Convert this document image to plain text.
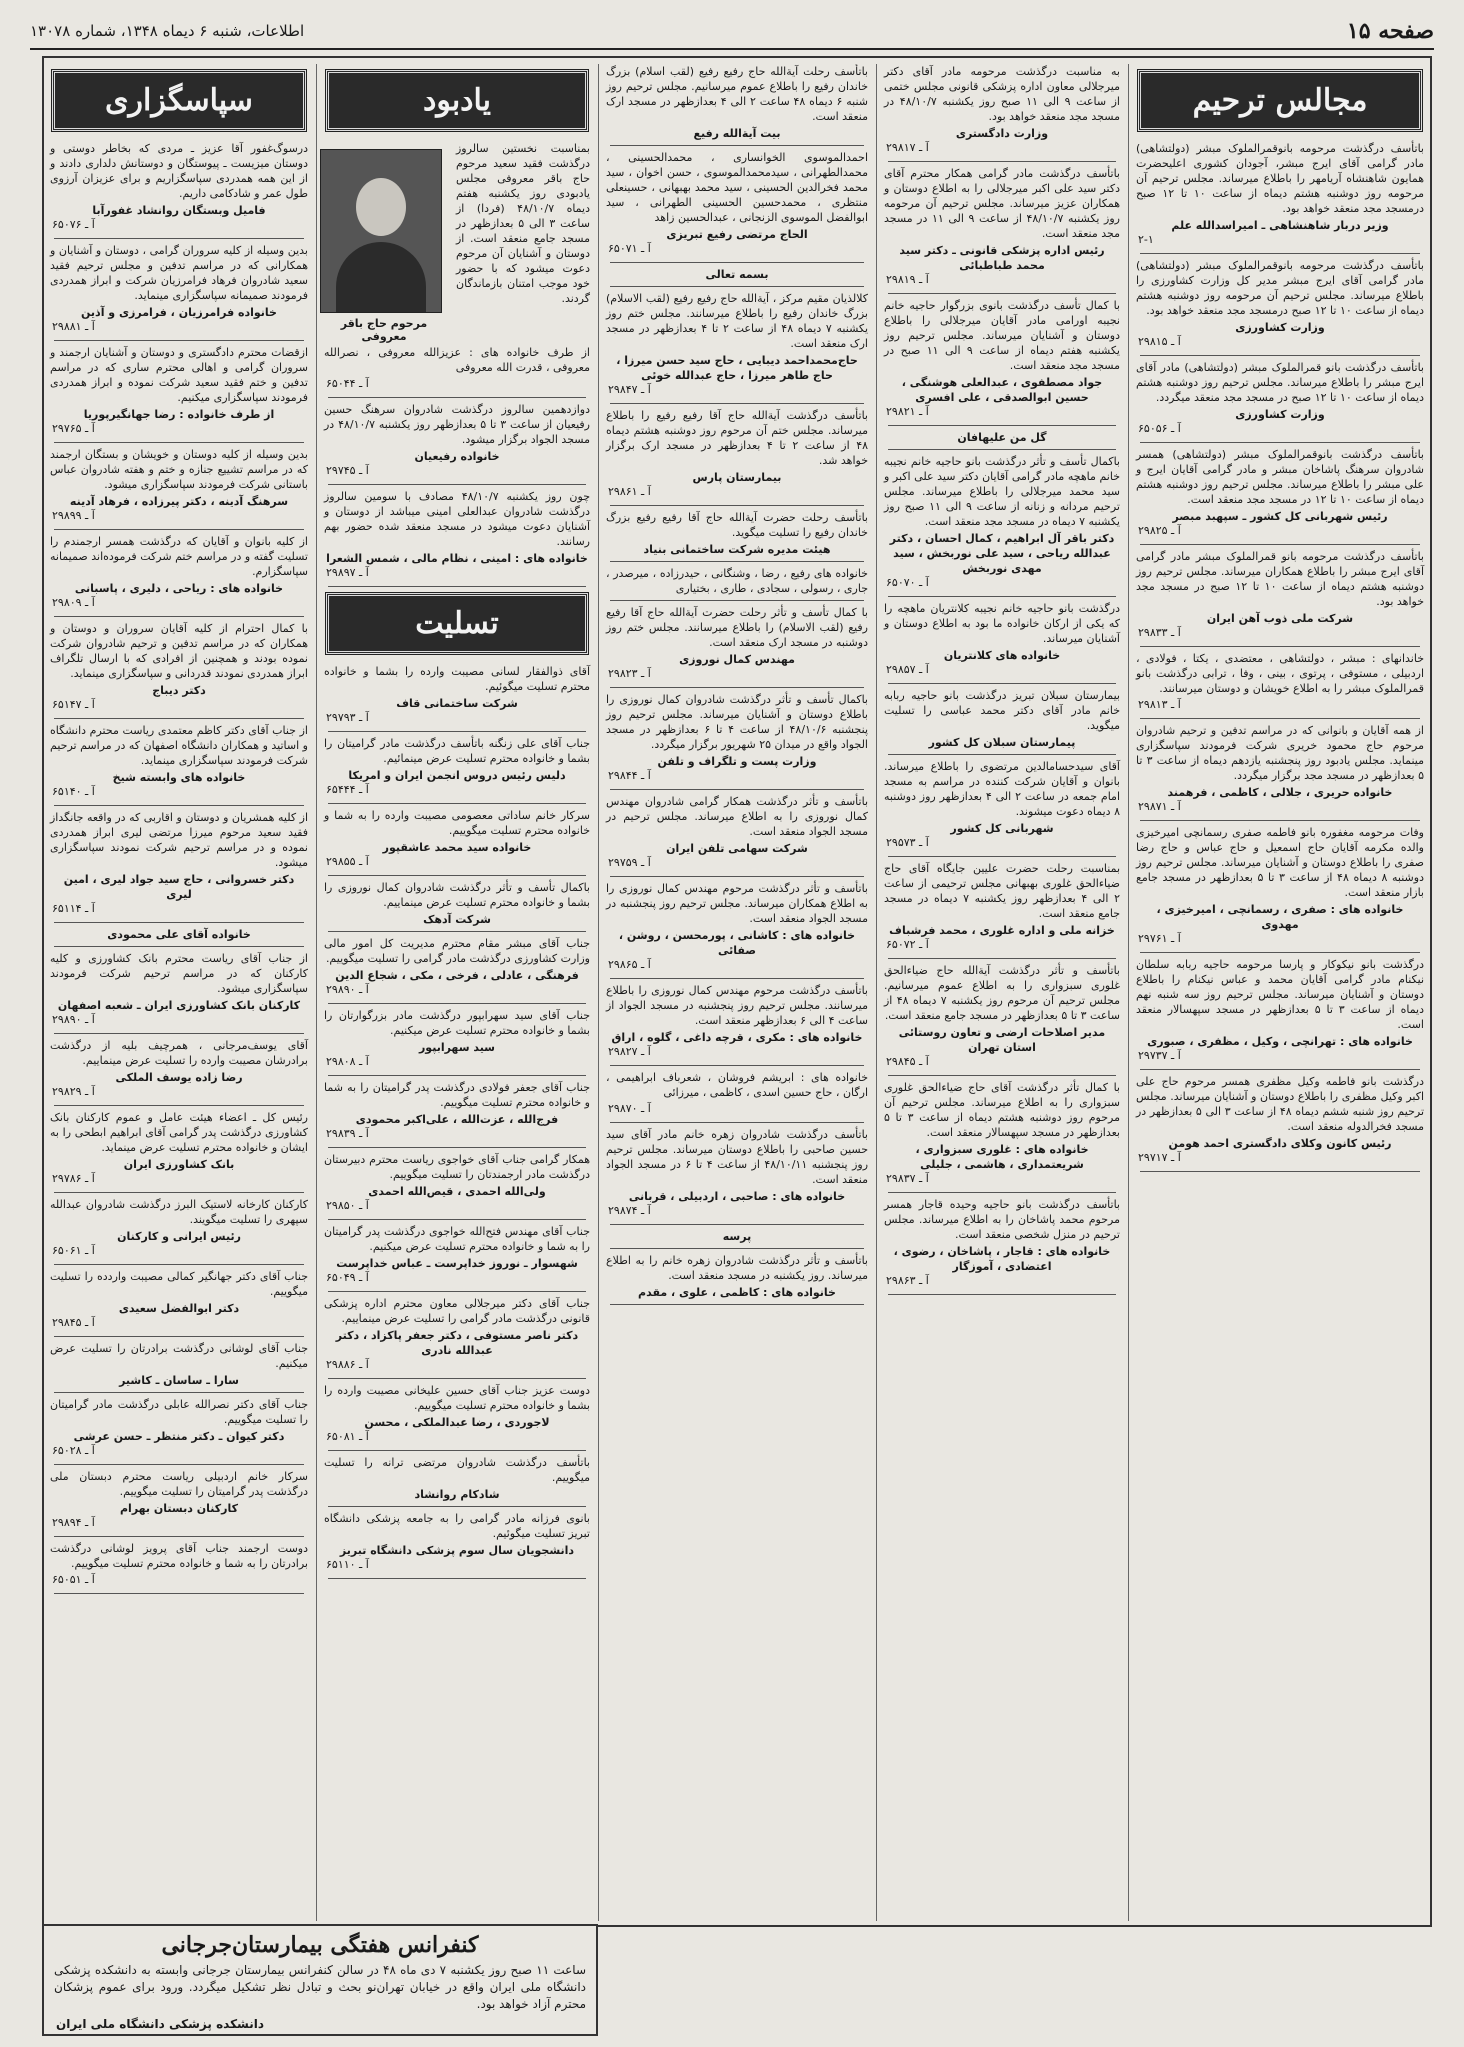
صفحه ۱۵
اطلاعات، شنبه ۶ دیماه ۱۳۴۸، شماره ۱۳۰۷۸
مجالس ترحیم
باتأسف درگذشت مرحومه بانوقمرالملوک مبشر (دولتشاهی) مادر گرامی آقای ایرج مبشر، آجودان کشوری اعلیحضرت همایون شاهنشاه آریامهر را باطلاع میرساند. مجلس ترحیم آن مرحومه روز دوشنبه هشتم دیماه از ساعت ۱۰ تا ۱۲ صبح درمسجد مجد منعقد خواهد بود.
وزیر دربار شاهنشاهی ـ امیراسدالله علم
۲-۱
باتأسف درگذشت مرحومه بانوقمرالملوک مبشر (دولتشاهی) مادر گرامی آقای ایرج مبشر مدیر کل وزارت کشاورزی را باطلاع میرساند. مجلس ترحیم آن مرحومه روز دوشنبه هشتم دیماه از ساعت ۱۰ تا ۱۲ صبح درمسجد مجد منعقد خواهد بود.
وزارت کشاورزی
آ ـ ۲۹۸۱۵
باتأسف درگذشت بانو قمرالملوک مبشر (دولتشاهی) مادر آقای ایرج مبشر را باطلاع میرساند. مجلس ترحیم روز دوشنبه هشتم دیماه از ساعت ۱۰ تا ۱۲ صبح در مسجد مجد منعقد میگردد.
وزارت کشاورزی
آ ـ ۶۵۰۵۶
باتأسف درگذشت بانوقمرالملوک مبشر (دولتشاهی) همسر شادروان سرهنگ پاشاخان مبشر و مادر گرامی آقایان ایرج و علی مبشر را باطلاع میرساند. مجلس ترحیم روز دوشنبه هشتم دیماه از ساعت ۱۰ تا ۱۲ در مسجد مجد منعقد است.
رئیس شهربانی کل کشور ـ سپهبد مبصر
آ ـ ۲۹۸۲۵
باتأسف درگذشت مرحومه بانو قمرالملوک مبشر مادر گرامی آقای ایرج مبشر را باطلاع همکاران میرساند. مجلس ترحیم روز دوشنبه هشتم دیماه از ساعت ۱۰ تا ۱۲ صبح در مسجد مجد خواهد بود.
شرکت ملی ذوب آهن ایران
آ ـ ۲۹۸۳۳
خاندانهای : مبشر ، دولتشاهی ، معتضدی ، یکتا ، فولادی ، اردبیلی ، مستوفی ، پرتوی ، بینی ، وفا ، ترابی درگذشت بانو قمرالملوک مبشر را به اطلاع خویشان و دوستان میرسانند.
آ ـ ۲۹۸۱۳
از همه آقایان و بانوانی که در مراسم تدفین و ترحیم شادروان مرحوم حاج محمود خریری شرکت فرمودند سپاسگزاری مینماید. مجلس یادبود روز پنجشنبه یازدهم دیماه از ساعت ۳ تا ۵ بعدازظهر در مسجد مجد برگزار میگردد.
خانواده حریری ، جلالی ، کاظمی ، فرهمند
آ ـ ۲۹۸۷۱
وفات مرحومه مغفوره بانو فاطمه صفری رسمانچی امیرخیزی والده مکرمه آقایان حاج اسمعیل و حاج عباس و حاج رضا صفری را باطلاع دوستان و آشنایان میرساند. مجلس ترحیم روز دوشنبه ۸ دیماه ۴۸ از ساعت ۳ تا ۵ بعدازظهر در مسجد جامع بازار منعقد است.
خانواده های : صفری ، رسمانچی ، امیرخیزی ، مهدوی
آ ـ ۲۹۷۶۱
درگذشت بانو نیکوکار و پارسا مرحومه حاجیه ربابه سلطان نیکنام مادر گرامی آقایان محمد و عباس نیکنام را باطلاع دوستان و آشنایان میرساند. مجلس ترحیم روز سه شنبه نهم دیماه از ساعت ۳ تا ۵ بعدازظهر در مسجد سپهسالار منعقد است.
خانواده های : تهرانچی ، وکیل ، مظفری ، صبوری
آ ـ ۲۹۷۳۷
درگذشت بانو فاطمه وکیل مظفری همسر مرحوم حاج علی اکبر وکیل مظفری را باطلاع دوستان و آشنایان میرساند. مجلس ترحیم روز شنبه ششم دیماه ۴۸ از ساعت ۳ الی ۵ بعدازظهر در مسجد فخرالدوله منعقد است.
رئیس کانون وکلای دادگستری احمد هومن
آ ـ ۲۹۷۱۷
به مناسبت درگذشت مرحومه مادر آقای دکتر میرجلالی معاون اداره پزشکی قانونی مجلس ختمی از ساعت ۹ الی ۱۱ صبح روز یکشنبه ۴۸/۱۰/۷ در مسجد مجد منعقد خواهد بود.
وزارت دادگستری
آ ـ ۲۹۸۱۷
باتأسف درگذشت مادر گرامی همکار محترم آقای دکتر سید علی اکبر میرجلالی را به اطلاع دوستان و همکاران عزیز میرساند. مجلس ترحیم آن مرحومه روز یکشنبه ۴۸/۱۰/۷ از ساعت ۹ الی ۱۱ در مسجد مجد منعقد است.
رئیس اداره پزشکی قانونی ـ دکتر سید محمد طباطبائی
آ ـ ۲۹۸۱۹
با کمال تأسف درگذشت بانوی بزرگوار حاجیه خانم نجیبه اورامی مادر آقایان میرجلالی را باطلاع دوستان و آشنایان میرساند. مجلس ترحیم روز یکشنبه هفتم دیماه از ساعت ۹ الی ۱۱ صبح در مسجد مجد منعقد است.
جواد مصطفوی ، عبدالعلی هوشنگی ، حسین ابوالصدقی ، علی افسری
آ ـ ۲۹۸۲۱
گل من علیهافان
باکمال تأسف و تأثر درگذشت بانو حاجیه خانم نجیبه خانم ماهچه مادر گرامی آقایان دکتر سید علی اکبر و سید محمد میرجلالی را باطلاع میرساند. مجلس ترحیم مردانه و زنانه از ساعت ۹ الی ۱۱ صبح روز یکشنبه ۷ دیماه در مسجد مجد منعقد است.
دکتر باقر آل ابراهیم ، کمال احسان ، دکتر عبدالله ریاحی ، سید علی نوربخش ، سید مهدی نوربخش
آ ـ ۶۵۰۷۰
درگذشت بانو حاجیه خانم نجیبه کلانتریان ماهچه را که یکی از ارکان خانواده ما بود به اطلاع دوستان و آشنایان میرساند.
خانواده های کلانتریان
آ ـ ۲۹۸۵۷
بیمارستان سبلان تبریز درگذشت بانو حاجیه ربابه خانم مادر آقای دکتر محمد عباسی را تسلیت میگوید.
پیمارستان سبلان کل کشور
آقای سیدحسامالدین مرتضوی را باطلاع میرساند. بانوان و آقایان شرکت کننده در مراسم به مسجد امام جمعه در ساعت ۲ الی ۴ بعدازظهر روز دوشنبه ۸ دیماه دعوت میشوند.
شهربانی کل کشور
آ ـ ۲۹۵۷۳
بمناسبت رحلت حضرت علیین جایگاه آقای حاج ضیاءالحق غلوری بهبهانی مجلس ترحیمی از ساعت ۲ الی ۴ بعدازظهر روز یکشنبه ۷ دیماه در مسجد جامع منعقد است.
خزانه ملی و اداره غلوری ، محمد فرشباف
آ ـ ۶۵۰۷۲
باتأسف و تأثر درگذشت آیةالله حاج ضیاءالحق غلوری سبزواری را به اطلاع عموم میرسانیم. مجلس ترحیم آن مرحوم روز یکشنبه ۷ دیماه ۴۸ از ساعت ۳ تا ۵ بعدازظهر در مسجد جامع منعقد است.
مدیر اصلاحات ارضی و تعاون روستائی استان تهران
آ ـ ۲۹۸۴۵
با کمال تأثر درگذشت آقای حاج ضیاءالحق غلوری سبزواری را به اطلاع میرساند. مجلس ترحیم آن مرحوم روز دوشنبه هشتم دیماه از ساعت ۳ تا ۵ بعدازظهر در مسجد سپهسالار منعقد است.
خانواده های : غلوری سبزواری ، شریعتمداری ، هاشمی ، جلیلی
آ ـ ۲۹۸۳۷
باتأسف درگذشت بانو حاجیه وحیده قاجار همسر مرحوم محمد پاشاخان را به اطلاع میرساند. مجلس ترحیم در منزل شخصی منعقد است.
خانواده های : قاجار ، پاشاخان ، رضوی ، اعتضادی ، آموزگار
آ ـ ۲۹۸۶۳
باتأسف رحلت آیةالله حاج رفیع رفیع (لقب اسلام) بزرگ خاندان رفیع را باطلاع عموم میرسانیم. مجلس ترحیم روز شنبه ۶ دیماه ۴۸ ساعت ۲ الی ۴ بعدازظهر در مسجد ارک منعقد است.
بیت آیةالله رفیع
احمدالموسوی الخوانساری ، محمدالحسینی ، محمدالطهرانی ، سیدمحمدالموسوی ، حسن اخوان ، سید محمد فخرالدین الحسینی ، سید محمد بهبهانی ، حسینعلی منتظری ، محمدحسین الحسینی الطهرانی ، سید ابوالفضل الموسوی الزنجانی ، عبدالحسین زاهد
الحاج مرتضی رفیع تبریزی
آ ـ ۶۵۰۷۱
بسمه تعالی
کلالذیان مقیم مرکز ، آیةالله حاج رفیع رفیع (لقب الاسلام) بزرگ خاندان رفیع را باطلاع میرسانند. مجلس ختم روز یکشنبه ۷ دیماه ۴۸ از ساعت ۲ تا ۴ بعدازظهر در مسجد ارک منعقد است.
حاج‌محمداحمد دیبایی ، حاج سید حسن میرزا ، حاج طاهر میرزا ، حاج عبدالله خوئی
آ ـ ۲۹۸۴۷
باتأسف درگذشت آیةالله حاج آقا رفیع رفیع را باطلاع میرساند. مجلس ختم آن مرحوم روز دوشنبه هشتم دیماه ۴۸ از ساعت ۲ تا ۴ بعدازظهر در مسجد ارک برگزار خواهد شد.
بیمارستان پارس
آ ـ ۲۹۸۶۱
باتأسف رحلت حضرت آیةالله حاج آقا رفیع رفیع بزرگ خاندان رفیع را تسلیت میگوید.
هیئت مدیره شرکت ساختمانی بنیاد
خانواده های رفیع ، رضا ، وشنگانی ، حیدرزاده ، میرصدر ، جاری ، رسولی ، سجادی ، طاری ، بختیاری
با کمال تأسف و تأثر رحلت حضرت آیةالله حاج آقا رفیع رفیع (لقب الاسلام) را باطلاع میرسانند. مجلس ختم روز دوشنبه در مسجد ارک منعقد است.
مهندس کمال نوروزی
آ ـ ۲۹۸۲۳
باکمال تأسف و تأثر درگذشت شادروان کمال نوروزی را باطلاع دوستان و آشنایان میرساند. مجلس ترحیم روز پنجشنبه ۴۸/۱۰/۶ از ساعت ۴ تا ۶ بعدازظهر در مسجد الجواد واقع در میدان ۲۵ شهریور برگزار میگردد.
وزارت پست و تلگراف و تلفن
آ ـ ۲۹۸۴۴
باتأسف و تأثر درگذشت همکار گرامی شادروان مهندس کمال نوروزی را به اطلاع میرساند. مجلس ترحیم در مسجد الجواد منعقد است.
شرکت سهامی تلفن ایران
آ ـ ۲۹۷۵۹
باتأسف و تأثر درگذشت مرحوم مهندس کمال نوروزی را به اطلاع همکاران میرساند. مجلس ترحیم روز پنجشنبه در مسجد الجواد منعقد است.
خانواده های : کاشانی ، پورمحسن ، روشن ، صفائی
آ ـ ۲۹۸۶۵
باتأسف درگذشت مرحوم مهندس کمال نوروزی را باطلاع میرسانند. مجلس ترحیم روز پنجشنبه در مسجد الجواد از ساعت ۴ الی ۶ بعدازظهر منعقد است.
خانواده های : مکری ، قرچه داغی ، گلوه ، اراق
آ ـ ۲۹۸۲۷
خانواده های : ابریشم فروشان ، شعرباف ابراهیمی ، ارگان ، حاج حسین اسدی ، کاظمی ، میرزائی
آ ـ ۲۹۸۷۰
باتأسف درگذشت شادروان زهره خانم مادر آقای سید حسین صاحبی را باطلاع دوستان میرساند. مجلس ترحیم روز پنجشنبه ۴۸/۱۰/۱۱ از ساعت ۴ تا ۶ در مسجد الجواد منعقد است.
خانواده های : صاحبی ، اردبیلی ، قربانی
آ ـ ۲۹۸۷۴
پرسه
باتأسف و تأثر درگذشت شادروان زهره خانم را به اطلاع میرساند. روز یکشنبه در مسجد منعقد است.
خانواده های : کاظمی ، علوی ، مقدم
یادبود
بمناسبت نخستین سالروز درگذشت فقید سعید مرحوم حاج باقر معروفی مجلس یادبودی روز یکشنبه هفتم دیماه ۴۸/۱۰/۷ (فردا) از ساعت ۳ الی ۵ بعدازظهر در مسجد جامع منعقد است. از دوستان و آشنایان آن مرحوم دعوت میشود که با حضور خود موجب امتنان بازماندگان گردند.
مرحوم حاج باقر معروفی
از طرف خانواده های : عزیزالله معروفی ، نصرالله معروفی ، قدرت الله معروفی
آ ـ ۶۵۰۴۴
دوازدهمین سالروز درگذشت شادروان سرهنگ حسین رفیعیان از ساعت ۳ تا ۵ بعدازظهر روز یکشنبه ۴۸/۱۰/۷ در مسجد الجواد برگزار میشود.
خانواده رفیعیان
آ ـ ۲۹۷۴۵
چون روز یکشنبه ۴۸/۱۰/۷ مصادف با سومین سالروز درگذشت شادروان عبدالعلی امینی میباشد از دوستان و آشنایان دعوت میشود در مسجد منعقد شده حضور بهم رسانند.
خانواده های : امینی ، نظام مالی ، شمس الشعرا
آ ـ ۲۹۸۹۷
تسلیت
آقای ذوالفقار لسانی مصیبت وارده را بشما و خانواده محترم تسلیت میگوئیم.
شرکت ساختمانی قاف
آ ـ ۲۹۷۹۳
جناب آقای علی زنگنه باتأسف درگذشت مادر گرامیتان را بشما و خانواده محترم تسلیت عرض مینمائیم.
دلیس رئیس دروس انجمن ایران و امریکا
آ ـ ۶۵۴۴۴
سرکار خانم ساداتی معصومی مصیبت وارده را به شما و خانواده محترم تسلیت میگوییم.
خانواده سید محمد عاشقپور
آ ـ ۲۹۸۵۵
باکمال تأسف و تأثر درگذشت شادروان کمال نوروزی را بشما و خانواده محترم تسلیت عرض مینماییم.
شرکت آدهک
جناب آقای مبشر مقام محترم مدیریت کل امور مالی وزارت کشاورزی درگذشت مادر گرامی را تسلیت میگوییم.
فرهنگی ، عادلی ، فرخی ، مکی ، شجاع الدین
آ ـ ۲۹۸۹۰
جناب آقای سید سهرابپور درگذشت مادر بزرگوارتان را بشما و خانواده محترم تسلیت عرض میکنیم.
سید سهرابپور
آ ـ ۲۹۸۰۸
جناب آقای جعفر فولادی درگذشت پدر گرامیتان را به شما و خانواده محترم تسلیت میگوییم.
فرج‌الله ، عزت‌الله ، علی‌اکبر محمودی
آ ـ ۲۹۸۳۹
همکار گرامی جناب آقای خواجوی ریاست محترم دبیرستان درگذشت مادر ارجمندتان را تسلیت میگوییم.
ولی‌الله احمدی ، قیص‌الله احمدی
آ ـ ۲۹۸۵۰
جناب آقای مهندس فتح‌الله خواجوی درگذشت پدر گرامیتان را به شما و خانواده محترم تسلیت عرض میکنیم.
شهسوار ـ نوروز خداپرست ـ عباس خداپرست
آ ـ ۶۵۰۴۹
جناب آقای دکتر میرجلالی معاون محترم اداره پزشکی قانونی درگذشت مادر گرامی را تسلیت عرض مینماییم.
دکتر ناصر مستوفی ، دکتر جعفر پاکزاد ، دکتر عبدالله نادری
آ ـ ۲۹۸۸۶
دوست عزیز جناب آقای حسین علیخانی مصیبت وارده را بشما و خانواده محترم تسلیت میگوییم.
لاجوردی ، رضا عبدالملکی ، محسن
آ ـ ۶۵۰۸۱
باتأسف درگذشت شادروان مرتضی ترانه را تسلیت میگوییم.
شادکام روانشاد
بانوی فرزانه مادر گرامی را به جامعه پزشکی دانشگاه تبریز تسلیت میگوئیم.
دانشجویان سال سوم پزشکی دانشگاه تبریز
آ ـ ۶۵۱۱۰
سپاسگزاری
درسوگ‌غفور آقا عزیز ـ مردی که بخاطر دوستی و دوستان میزیست ـ پیوستگان و دوستانش دلداری دادند و از این همه همدردی سپاسگزاریم و برای عزیزان آرزوی طول عمر و شادکامی داریم.
فامیل وبستگان روانشاد غفورآبا
آ ـ ۶۵۰۷۶
بدین وسیله از کلیه سروران گرامی ، دوستان و آشنایان و همکارانی که در مراسم تدفین و مجلس ترحیم فقید سعید شادروان فرهاد فرامرزیان شرکت و ابراز همدردی فرمودند صمیمانه سپاسگزاری مینماید.
خانواده فرامرزیان ، فرامرزی و آذین
آ ـ ۲۹۸۸۱
ازقضات محترم دادگستری و دوستان و آشنایان ارجمند و سروران گرامی و اهالی محترم ساری که در مراسم تدفین و ختم فقید سعید شرکت نموده و ابراز همدردی فرمودند سپاسگزاری میکنیم.
از طرف خانواده : رضا جهانگیرپوریا
آ ـ ۲۹۷۶۵
بدین وسیله از کلیه دوستان و خویشان و بستگان ارجمند که در مراسم تشییع جنازه و ختم و هفته شادروان عباس باستانی شرکت فرمودند سپاسگزاری میشود.
سرهنگ آدینه ، دکتر پیرزاده ، فرهاد آدینه
آ ـ ۲۹۸۹۹
از کلیه بانوان و آقایان که درگذشت همسر ارجمندم را تسلیت گفته و در مراسم ختم شرکت فرموده‌اند صمیمانه سپاسگزارم.
خانواده های : ریاحی ، دلیری ، پاسبانی
آ ـ ۲۹۸۰۹
با کمال احترام از کلیه آقایان سروران و دوستان و همکاران که در مراسم تدفین و ترحیم شادروان شرکت نموده بودند و همچنین از افرادی که با ارسال تلگراف ابراز همدردی نمودند قدردانی و سپاسگزاری مینماید.
دکتر دیباج
آ ـ ۶۵۱۴۷
از جناب آقای دکتر کاظم معتمدی ریاست محترم دانشگاه و اساتید و همکاران دانشگاه اصفهان که در مراسم ترحیم شرکت فرمودند سپاسگزاری مینماید.
خانواده های وابسته شیخ
آ ـ ۶۵۱۴۰
از کلیه همشریان و دوستان و اقاربی که در واقعه جانگداز فقید سعید مرحوم میرزا مرتضی لیری ابراز همدردی نموده و در مراسم ترحیم شرکت نمودند سپاسگزاری میشود.
دکتر خسروانی ، حاج سید جواد لیری ، امین لیری
آ ـ ۶۵۱۱۴
خانواده آقای علی محمودی
از جناب آقای ریاست محترم بانک کشاورزی و کلیه کارکنان که در مراسم ترحیم شرکت فرمودند سپاسگزاری میشود.
کارکنان بانک کشاورزی ایران ـ شعبه اصفهان
آ ـ ۲۹۸۹۰
آقای یوسف‌مرجانی ، همرچیف بلیه از درگذشت برادرشان مصیبت وارده را تسلیت عرض مینماییم.
رضا زاده یوسف الملکی
آ ـ ۲۹۸۲۹
رئیس کل ـ اعضاء هیئت عامل و عموم کارکنان بانک کشاورزی درگذشت پدر گرامی آقای ابراهیم ابطحی را به ایشان و خانواده محترم تسلیت عرض مینماید.
بانک کشاورزی ایران
آ ـ ۲۹۷۸۶
کارکنان کارخانه لاستیک البرز درگذشت شادروان عبدالله سپهری را تسلیت میگویند.
رئیس ایرانی و کارکنان
آ ـ ۶۵۰۶۱
جناب آقای دکتر جهانگیر کمالی مصیبت واردده را تسلیت میگوییم.
دکتر ابوالفضل سعیدی
آ ـ ۲۹۸۴۵
جناب آقای لوشانی درگذشت برادرتان را تسلیت عرض میکنیم.
سارا ـ ساسان ـ کاشیر
جناب آقای دکتر نصرالله عابلی درگذشت مادر گرامیتان را تسلیت میگوییم.
دکتر کیوان ـ دکتر منتظر ـ حسن عرشی
آ ـ ۶۵۰۲۸
سرکار خانم اردبیلی ریاست محترم دبستان ملی درگذشت پدر گرامیتان را تسلیت میگوییم.
کارکنان دبستان بهرام
آ ـ ۲۹۸۹۴
دوست ارجمند جناب آقای پرویز لوشانی درگذشت برادرتان را به شما و خانواده محترم تسلیت میگوییم.
آ ـ ۶۵۰۵۱
کنفرانس هفتگی بیمارستان‌جرجانی
ساعت ۱۱ صبح روز یکشنبه ۷ دی ماه ۴۸ در سالن کنفرانس بیمارستان جرجانی وابسته به دانشکده پزشکی دانشگاه ملی ایران واقع در خیابان تهران‌نو بحث و تبادل نظر تشکیل میگردد. ورود برای عموم پزشکان محترم آزاد خواهد بود.
دانشکده پزشکی دانشگاه ملی ایران
